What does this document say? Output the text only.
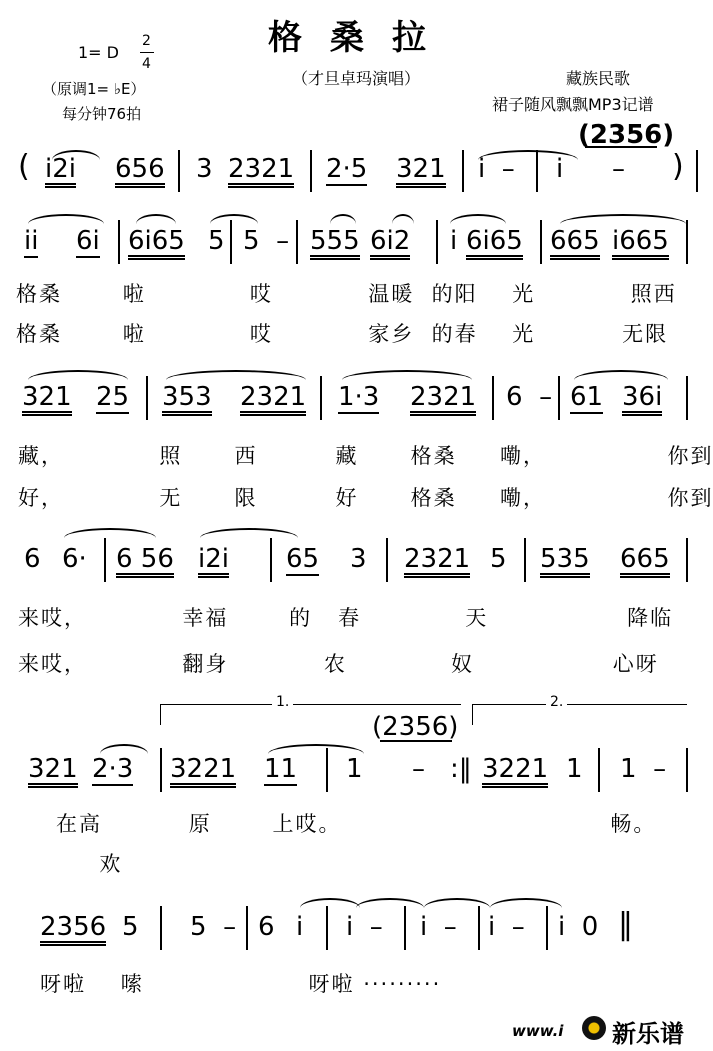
格桑拉
1= D
2
4
（原调1= ♭E）
每分钟76拍
（才旦卓玛演唱）	藏族民歌
裙子随风飘飘MP3记谱
(2356)
( i2i 656 3 2321 2·5 321 i  – i – )
ii 6i 6i65 5 5  – 555 6i2 i 6i65 665 i665
格桑       啦            哎           温暖  的阳    光           照西
格桑       啦            哎           家乡  的春    光          无限
321 25 353 2321 1·3 2321 6  – 61 36i
藏，           照      西         藏      格桑     嘞，              你到
好，           无      限         好      格桑     嘞，              你到
6 6· 6 56 i2i 65 3 2321 5 535 665
来哎，           幸福       的   春            天                降临
来哎，           翻身           农            奴                心呀
1.	2.
(2356)
321 2·3 3221 11 1 – :‖ 3221 1 1  –
在高          原       上哎。                               畅。
欢
2356 5 5  – 6 i i  – i  – i  – i  0 ‖
呀啦    嗦                   呀啦 ·········
www.i 新乐谱
